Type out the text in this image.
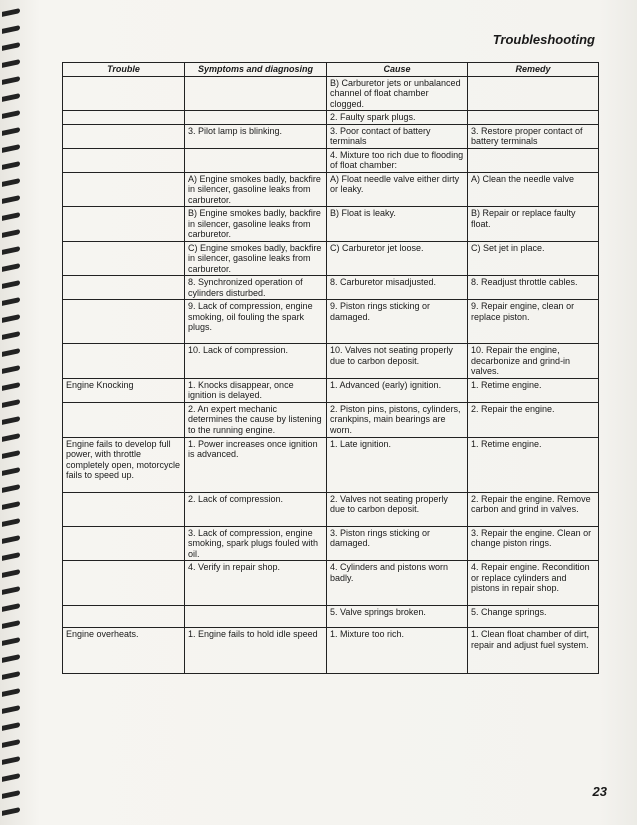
Troubleshooting
Trouble	Symptoms and diagnosing	Cause	Remedy
		B) Carburetor jets or unbalanced channel of float chamber clogged.	
		2. Faulty spark plugs.	
	3. Pilot lamp is blinking.	3. Poor contact of battery terminals	3. Restore proper contact of battery terminals
		4. Mixture too rich due to flooding of float chamber:	
	A) Engine smokes badly, backfire in silencer, gasoline leaks from carburetor.	A) Float needle valve either dirty or leaky.	A) Clean the needle valve
	B) Engine smokes badly, backfire in silencer, gasoline leaks from carburetor.	B) Float is leaky.	B) Repair or replace faulty float.
	C) Engine smokes badly, backfire in silencer, gasoline leaks from carburetor.	C) Carburetor jet loose.	C) Set jet in place.
	8. Synchronized operation of cylinders disturbed.	8. Carburetor misadjusted.	8. Readjust throttle cables.
	9. Lack of compression, engine smoking, oil fouling the spark plugs.	9. Piston rings sticking or damaged.	9. Repair engine, clean or replace piston.
	10. Lack of compression.	10. Valves not seating properly due to carbon deposit.	10. Repair the engine, decarbonize and grind-in valves.
Engine Knocking	1. Knocks disappear, once ignition is delayed.	1. Advanced (early) ignition.	1. Retime engine.
	2. An expert mechanic determines the cause by listening to the running engine.	2. Piston pins, pistons, cylinders, crankpins, main bearings are worn.	2. Repair the engine.
Engine fails to develop full power, with throttle completely open, motorcycle fails to speed up.	1. Power increases once ignition is advanced.	1. Late ignition.	1. Retime engine.
	2. Lack of compression.	2. Valves not seating properly due to carbon deposit.	2. Repair the engine. Remove carbon and grind in valves.
	3. Lack of compression, engine smoking, spark plugs fouled with oil.	3. Piston rings sticking or damaged.	3. Repair the engine. Clean or change piston rings.
	4. Verify in repair shop.	4. Cylinders and pistons worn badly.	4. Repair engine. Recondition or replace cylinders and pistons in repair shop.
		5. Valve springs broken.	5. Change springs.
Engine overheats.	1. Engine fails to hold idle speed	1. Mixture too rich.	1. Clean float chamber of dirt, repair and adjust fuel system.
23
